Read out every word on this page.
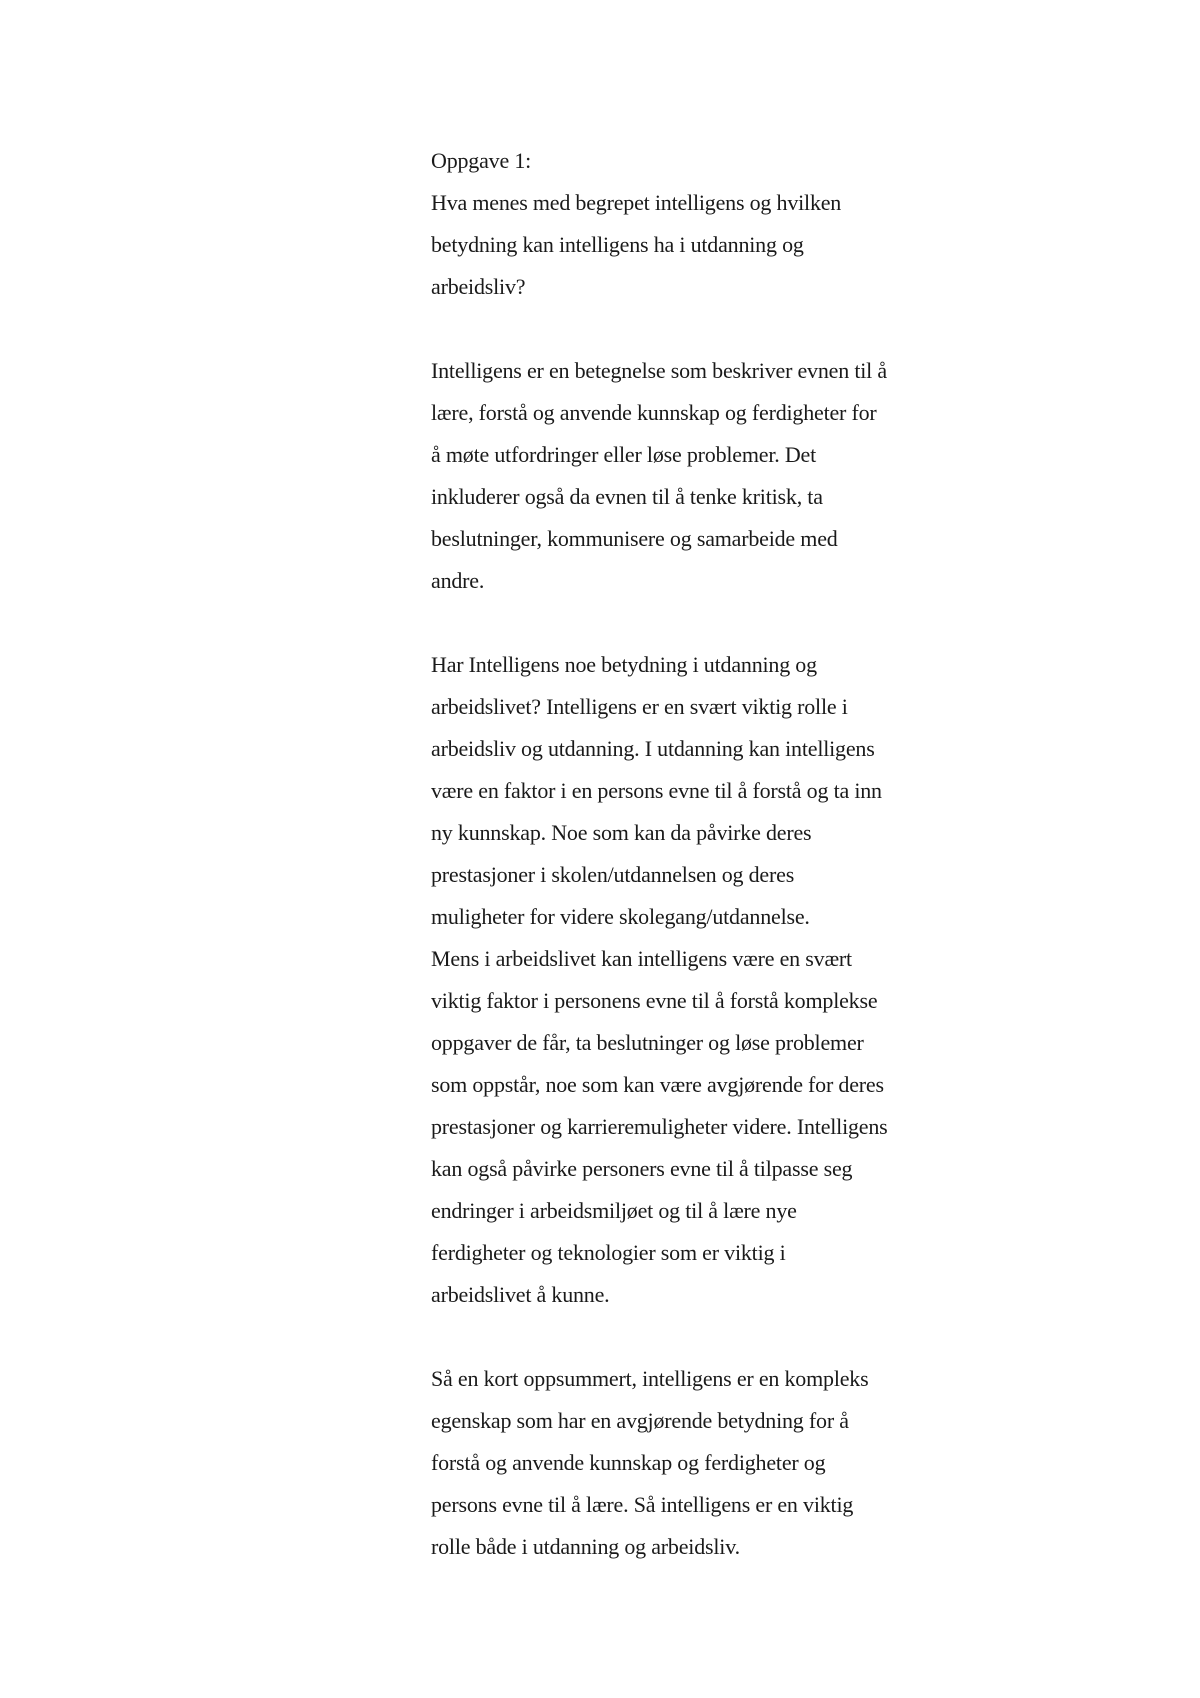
Oppgave 1:
Hva menes med begrepet intelligens og hvilken
betydning kan intelligens ha i utdanning og
arbeidsliv?
Intelligens er en betegnelse som beskriver evnen til å
lære, forstå og anvende kunnskap og ferdigheter for
å møte utfordringer eller løse problemer. Det
inkluderer også da evnen til å tenke kritisk, ta
beslutninger, kommunisere og samarbeide med
andre.
Har Intelligens noe betydning i utdanning og
arbeidslivet? Intelligens er en svært viktig rolle i
arbeidsliv og utdanning. I utdanning kan intelligens
være en faktor i en persons evne til å forstå og ta inn
ny kunnskap. Noe som kan da påvirke deres
prestasjoner i skolen/utdannelsen og deres
muligheter for videre skolegang/utdannelse.
Mens i arbeidslivet kan intelligens være en svært
viktig faktor i personens evne til å forstå komplekse
oppgaver de får, ta beslutninger og løse problemer
som oppstår, noe som kan være avgjørende for deres
prestasjoner og karrieremuligheter videre. Intelligens
kan også påvirke personers evne til å tilpasse seg
endringer i arbeidsmiljøet og til å lære nye
ferdigheter og teknologier som er viktig i
arbeidslivet å kunne.
Så en kort oppsummert, intelligens er en kompleks
egenskap som har en avgjørende betydning for å
forstå og anvende kunnskap og ferdigheter og
persons evne til å lære. Så intelligens er en viktig
rolle både i utdanning og arbeidsliv.
